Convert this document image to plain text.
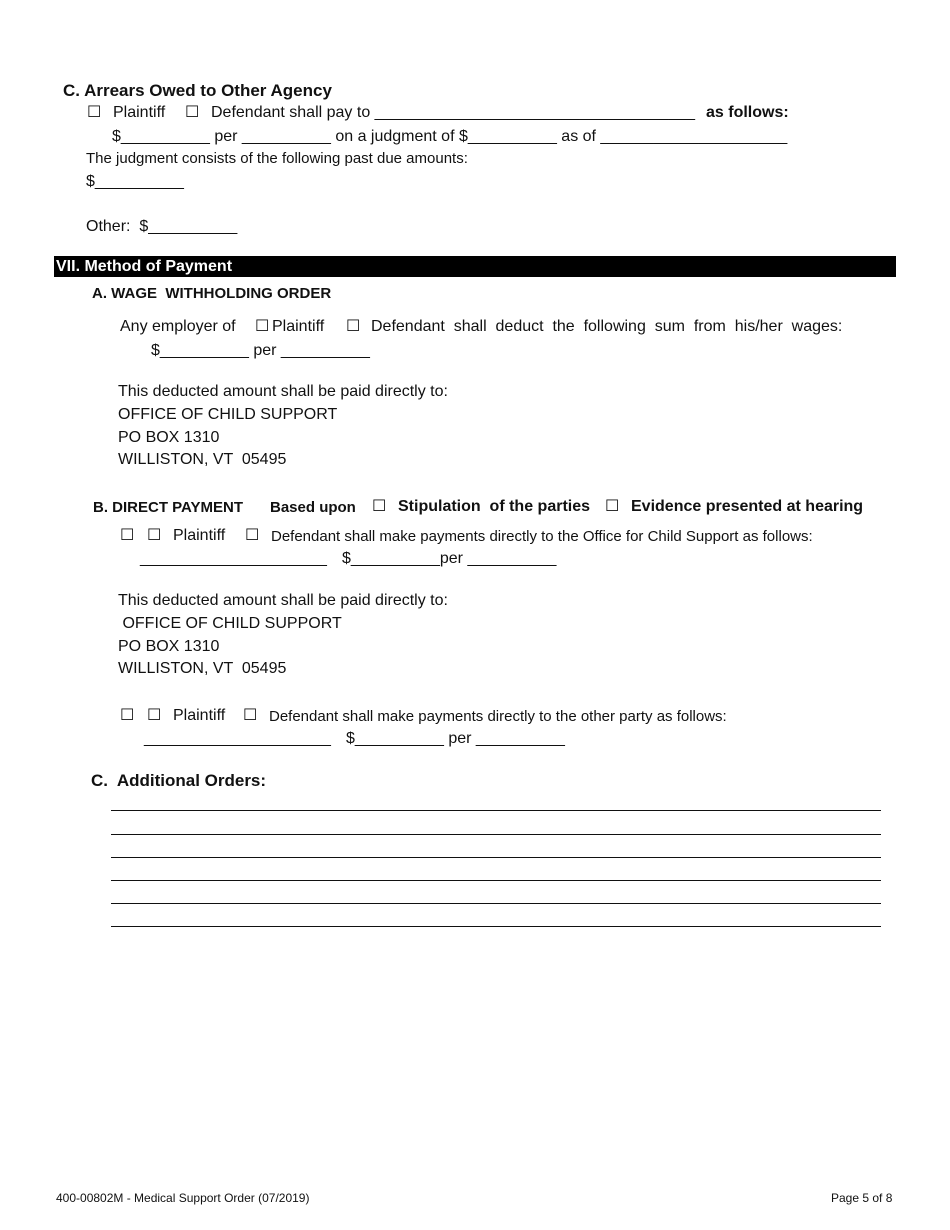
C. Arrears Owed to Other Agency
☐ Plaintiff ☐ Defendant shall pay to ____________________________________ as follows:
$__________ per __________ on a judgment of $__________ as of _____________________
The judgment consists of the following past due amounts:
$__________
Other:  $__________
VII. Method of Payment
A. WAGE  WITHHOLDING ORDER
Any employer of ☐ Plaintiff ☐ Defendant  shall  deduct  the  following  sum  from  his/her  wages:
$__________ per __________
This deducted amount shall be paid directly to:
OFFICE OF CHILD SUPPORT
PO BOX 1310
WILLISTON, VT  05495
B. DIRECT PAYMENT Based upon ☐ Stipulation  of the parties ☐ Evidence presented at hearing
☐ ☐ Plaintiff ☐ Defendant shall make payments directly to the Office for Child Support as follows:
_____________________ $__________per __________
This deducted amount shall be paid directly to:
OFFICE OF CHILD SUPPORT
PO BOX 1310
WILLISTON, VT  05495
☐ ☐ Plaintiff ☐ Defendant shall make payments directly to the other party as follows:
_____________________ $__________ per __________
C.  Additional Orders:
400-00802M - Medical Support Order (07/2019)	Page 5 of 8
